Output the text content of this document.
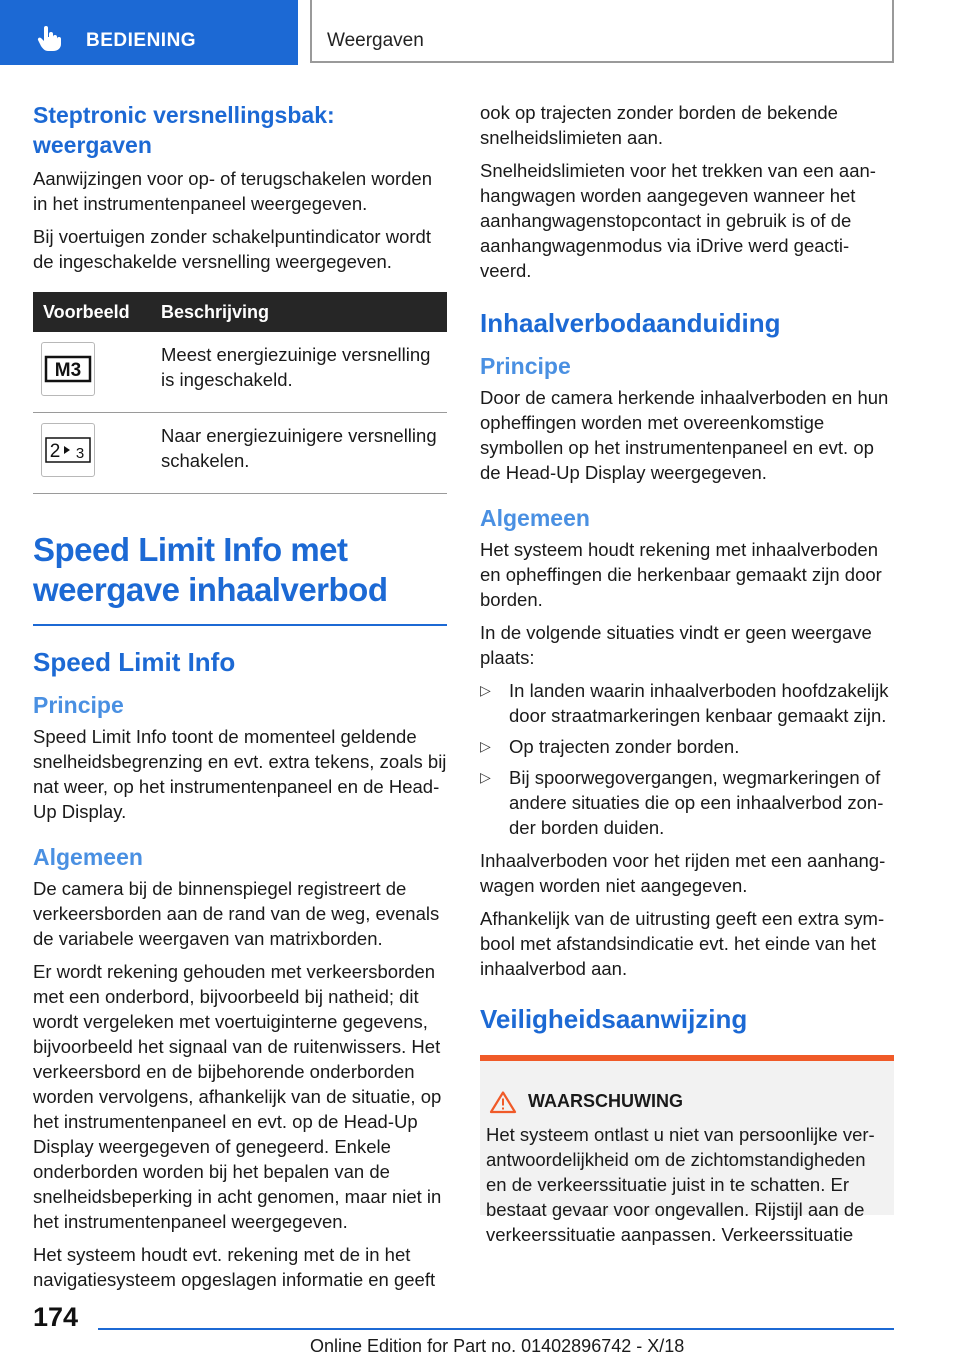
BEDIENING	Weergaven
Steptronic versnellingsbak: weergaven

Aanwijzingen voor op- of terugschakelen worden in het instrumentenpaneel weergegeven.

Bij voertuigen zonder schakelpuntindicator wordt de ingeschakelde versnelling weergegeven.

Voorbeeld	Beschrijving

M3	Meest energiezuinige versnelling is ingeschakeld.

2 3	Naar energiezuinigere versnelling schakelen.
Speed Limit Info met weergave inhaalverbod
Speed Limit Info
Principe

Speed Limit Info toont de momenteel geldende snelheidsbegrenzing en evt. extra tekens, zoals bij nat weer, op het instrumentenpaneel en de Head-Up Display.

Algemeen

De camera bij de binnenspiegel registreert de verkeersborden aan de rand van de weg, evenals de variabele weergaven van matrixborden.

Er wordt rekening gehouden met verkeersborden met een onderbord, bijvoorbeeld bij natheid; dit wordt vergeleken met voertuiginterne gegevens, bijvoorbeeld het signaal van de ruitenwissers. Het verkeersbord en de bijbehorende onderborden worden vervolgens, afhankelijk van de situatie, op het instrumentenpaneel en evt. op de Head-Up Display weergegeven of genegeerd. Enkele onderborden worden bij het bepalen van de snelheidsbeperking in acht genomen, maar niet in het instrumentenpaneel weergegeven.

Het systeem houdt evt. rekening met de in het navigatiesysteem opgeslagen informatie en geeft

ook op trajecten zonder borden de bekende snelheidslimieten aan.

Snelheidslimieten voor het trekken van een aanhangwagen worden aangegeven wanneer het aanhangwagenstopcontact in gebruik is of de aanhangwagenmodus via iDrive werd geactiveerd.

Inhaalverbodaanduiding
Principe

Door de camera herkende inhaalverboden en hun opheffingen worden met overeenkomstige symbollen op het instrumentenpaneel en evt. op de Head-Up Display weergegeven.

Algemeen

Het systeem houdt rekening met inhaalverboden en opheffingen die herkenbaar gemaakt zijn door borden.

In de volgende situaties vindt er geen weergave plaats:

▷ In landen waarin inhaalverboden hoofdzakelijk door straatmarkeringen kenbaar gemaakt zijn.
▷ Op trajecten zonder borden.
▷ Bij spoorwegovergangen, wegmarkeringen of andere situaties die op een inhaalverbod zonder borden duiden.

Inhaalverboden voor het rijden met een aanhangwagen worden niet aangegeven.

Afhankelijk van de uitrusting geeft een extra symbool met afstandsindicatie evt. het einde van het inhaalverbod aan.

Veiligheidsaanwijzing
WAARSCHUWING

Het systeem ontlast u niet van persoonlijke verantwoordelijkheid om de zichtomstandigheden en de verkeerssituatie juist in te schatten. Er bestaat gevaar voor ongevallen. Rijstijl aan de verkeerssituatie aanpassen. Verkeerssituatie

174
Online Edition for Part no. 01402896742 - X/18
